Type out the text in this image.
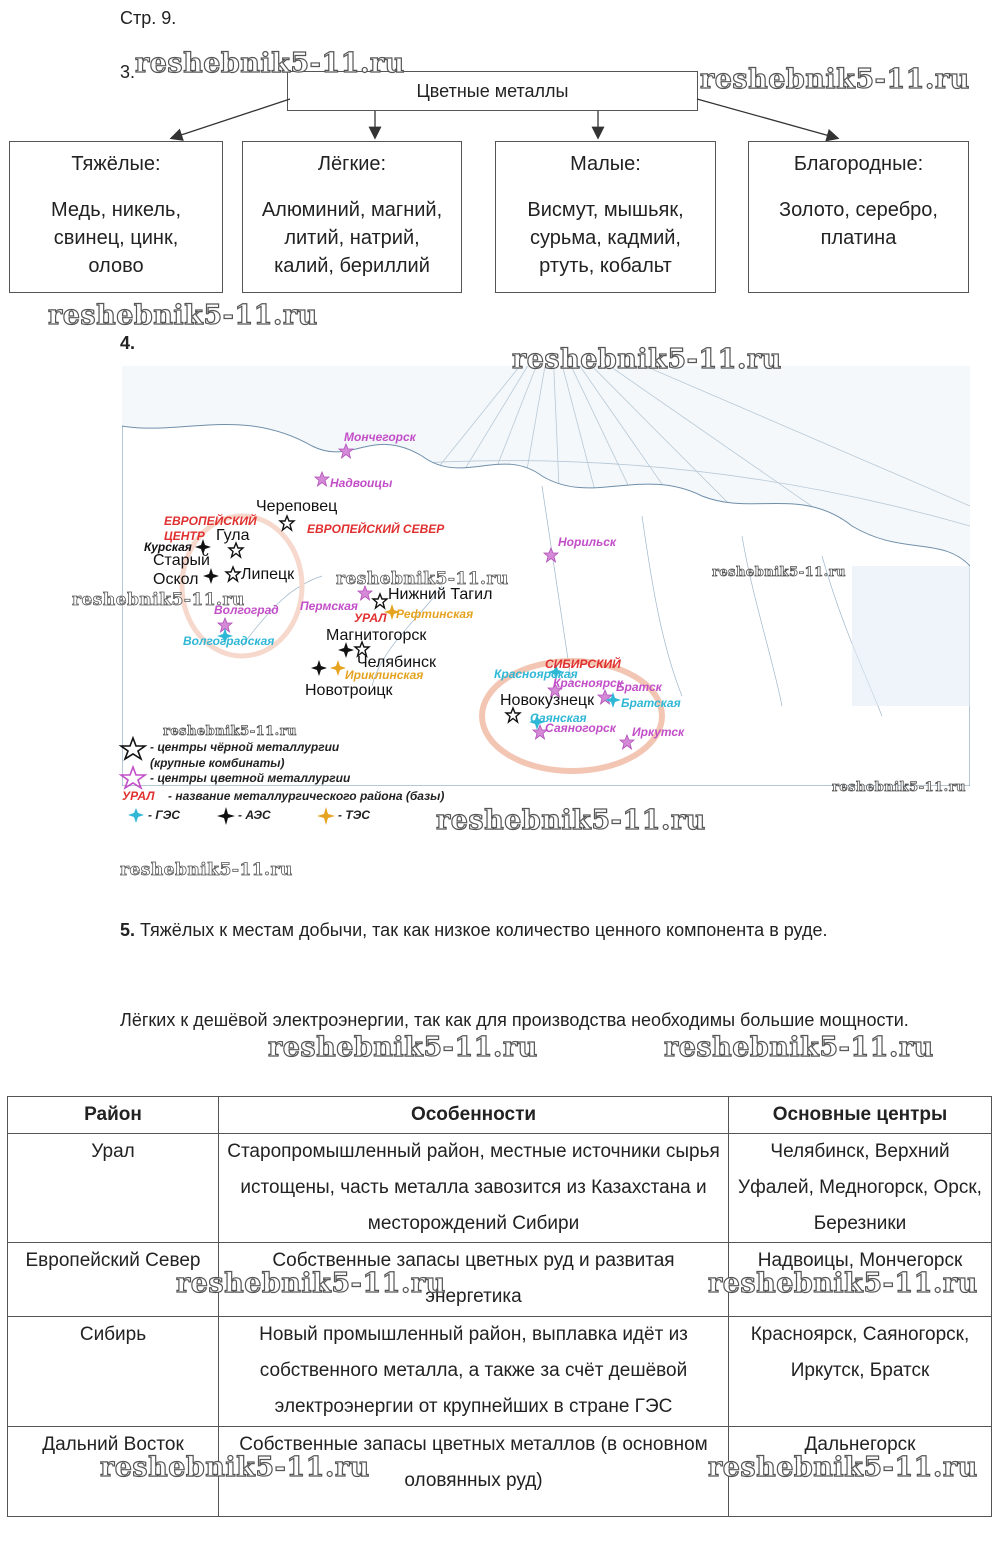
Стр. 9.
3.
Цветные металлы
Тяжёлые:
Медь, никель,
свинец, цинк,
олово
Лёгкие:
Алюминий, магний,
литий, натрий,
калий, бериллий
Малые:
Висмут, мышьяк,
сурьма, кадмий,
ртуть, кобальт
Благородные:
Золото, серебро,
платина
4.
ЕВРОПЕЙСКИЙ
ЦЕНТР	ЕВРОПЕЙСКИЙ СЕВЕР
УРАЛ
СИБИРСКИЙ
Мончегорск
Надвоицы
Норильск
Волгоград Пермская
Красноярск
Братск
Иркутск
Череповец
Гула
Старый
Оскол	Липецк
Нижний Тагил
Магнитогорск
Челябинск
Новотроицк
Новокузнецк
Волгоградская
Красноярская
Братская
Саянская
Саяногорск
Рефтинская
Ириклинская
Курская
- центры чёрной металлургии
(крупные комбинаты)
- центры цветной металлургии
УРАЛ - название металлургического района (базы)
- ГЭС	- АЭС	- ТЭС
5. Тяжёлых к местам добычи, так как низкое количество ценного компонента в руде.
Лёгких к дешёвой электроэнергии, так как для производства необходимы большие мощности.
Район	Особенности	Основные центры
Урал	Старопромышленный район, местные источники сырья истощены, часть металла завозится из Казахстана и месторождений Сибири	Челябинск, Верхний Уфалей, Медногорск, Орск, Березники
Европейский Север	Собственные запасы цветных руд и развитая энергетика	Надвоицы, Мончегорск
Сибирь	Новый промышленный район, выплавка идёт из собственного металла, а также за счёт дешёвой электроэнергии от крупнейших в стране ГЭС	Красноярск, Саяногорск, Иркутск, Братск
Дальний Восток	Собственные запасы цветных металлов (в основном оловянных руд)	Дальнегорск
reshebnik5-11.ru
reshebnik5-11.ru
reshebnik5-11.ru
reshebnik5-11.ru
reshebnik5-11.ru
reshebnik5-11.ru
reshebnik5-11.ru
reshebnik5-11.ru
reshebnik5-11.ru
reshebnik5-11.ru
reshebnik5-11.ru
reshebnik5-11.ru	reshebnik5-11.ru
reshebnik5-11.ru	reshebnik5-11.ru
reshebnik5-11.ru	reshebnik5-11.ru
